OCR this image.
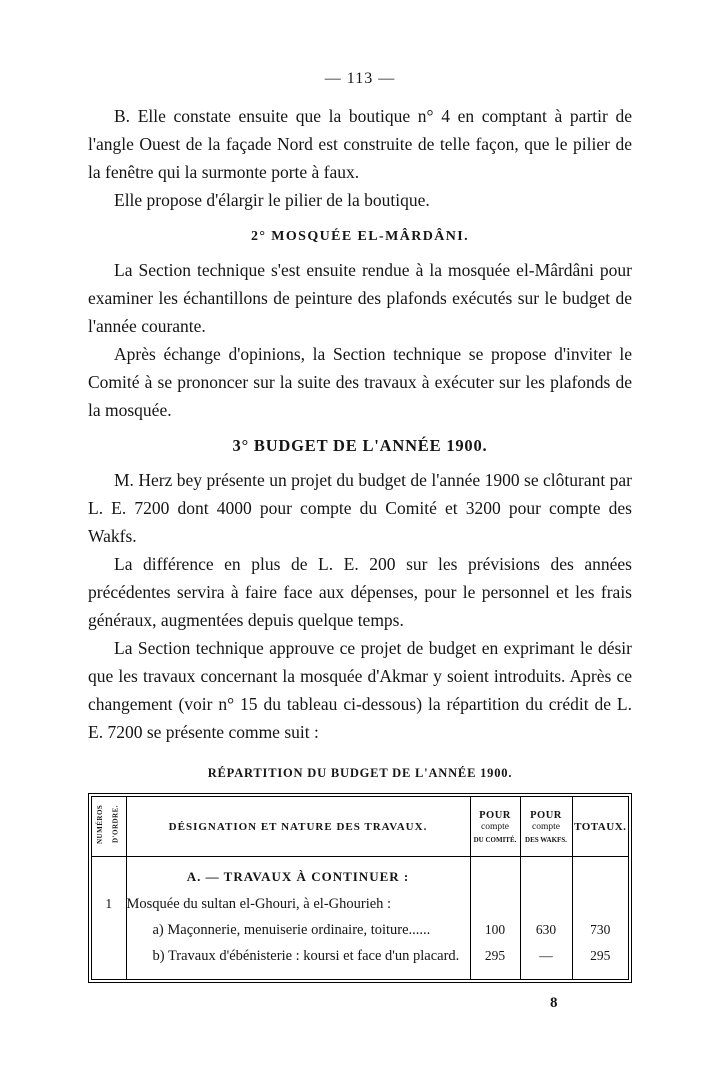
— 113 —

B. Elle constate ensuite que la boutique n° 4 en comptant à partir de l'angle Ouest de la façade Nord est construite de telle façon, que le pilier de la fenêtre qui la surmonte porte à faux.

Elle propose d'élargir le pilier de la boutique.

2° MOSQUÉE EL-MÂRDÂNI.

La Section technique s'est ensuite rendue à la mosquée el-Mârdâni pour examiner les échantillons de peinture des plafonds exécutés sur le budget de l'année courante.

Après échange d'opinions, la Section technique se propose d'inviter le Comité à se prononcer sur la suite des travaux à exécuter sur les plafonds de la mosquée.

3° BUDGET DE L'ANNÉE 1900.

M. Herz bey présente un projet du budget de l'année 1900 se clôturant par L. E. 7200 dont 4000 pour compte du Comité et 3200 pour compte des Wakfs.

La différence en plus de L. E. 200 sur les prévisions des années précédentes servira à faire face aux dépenses, pour le personnel et les frais généraux, augmentées depuis quelque temps.

La Section technique approuve ce projet de budget en exprimant le désir que les travaux concernant la mosquée d'Akmar y soient introduits. Après ce changement (voir n° 15 du tableau ci-dessous) la répartition du crédit de L. E. 7200 se présente comme suit :

RÉPARTITION DU BUDGET DE L'ANNÉE 1900.
NUMÉROS D'ORDRE.	DÉSIGNATION ET NATURE DES TRAVAUX.	POUR
compte
DU COMITÉ.	POUR
compte
DES WAKFS.	TOTAUX.
	A. — TRAVAUX À CONTINUER :			
1	Mosquée du sultan el-Ghouri, à el-Ghourieh :			
	a) Maçonnerie, menuiserie ordinaire, toiture......	100	630	730
	b) Travaux d'ébénisterie : koursi et face d'un placard.	295	—	295
8
